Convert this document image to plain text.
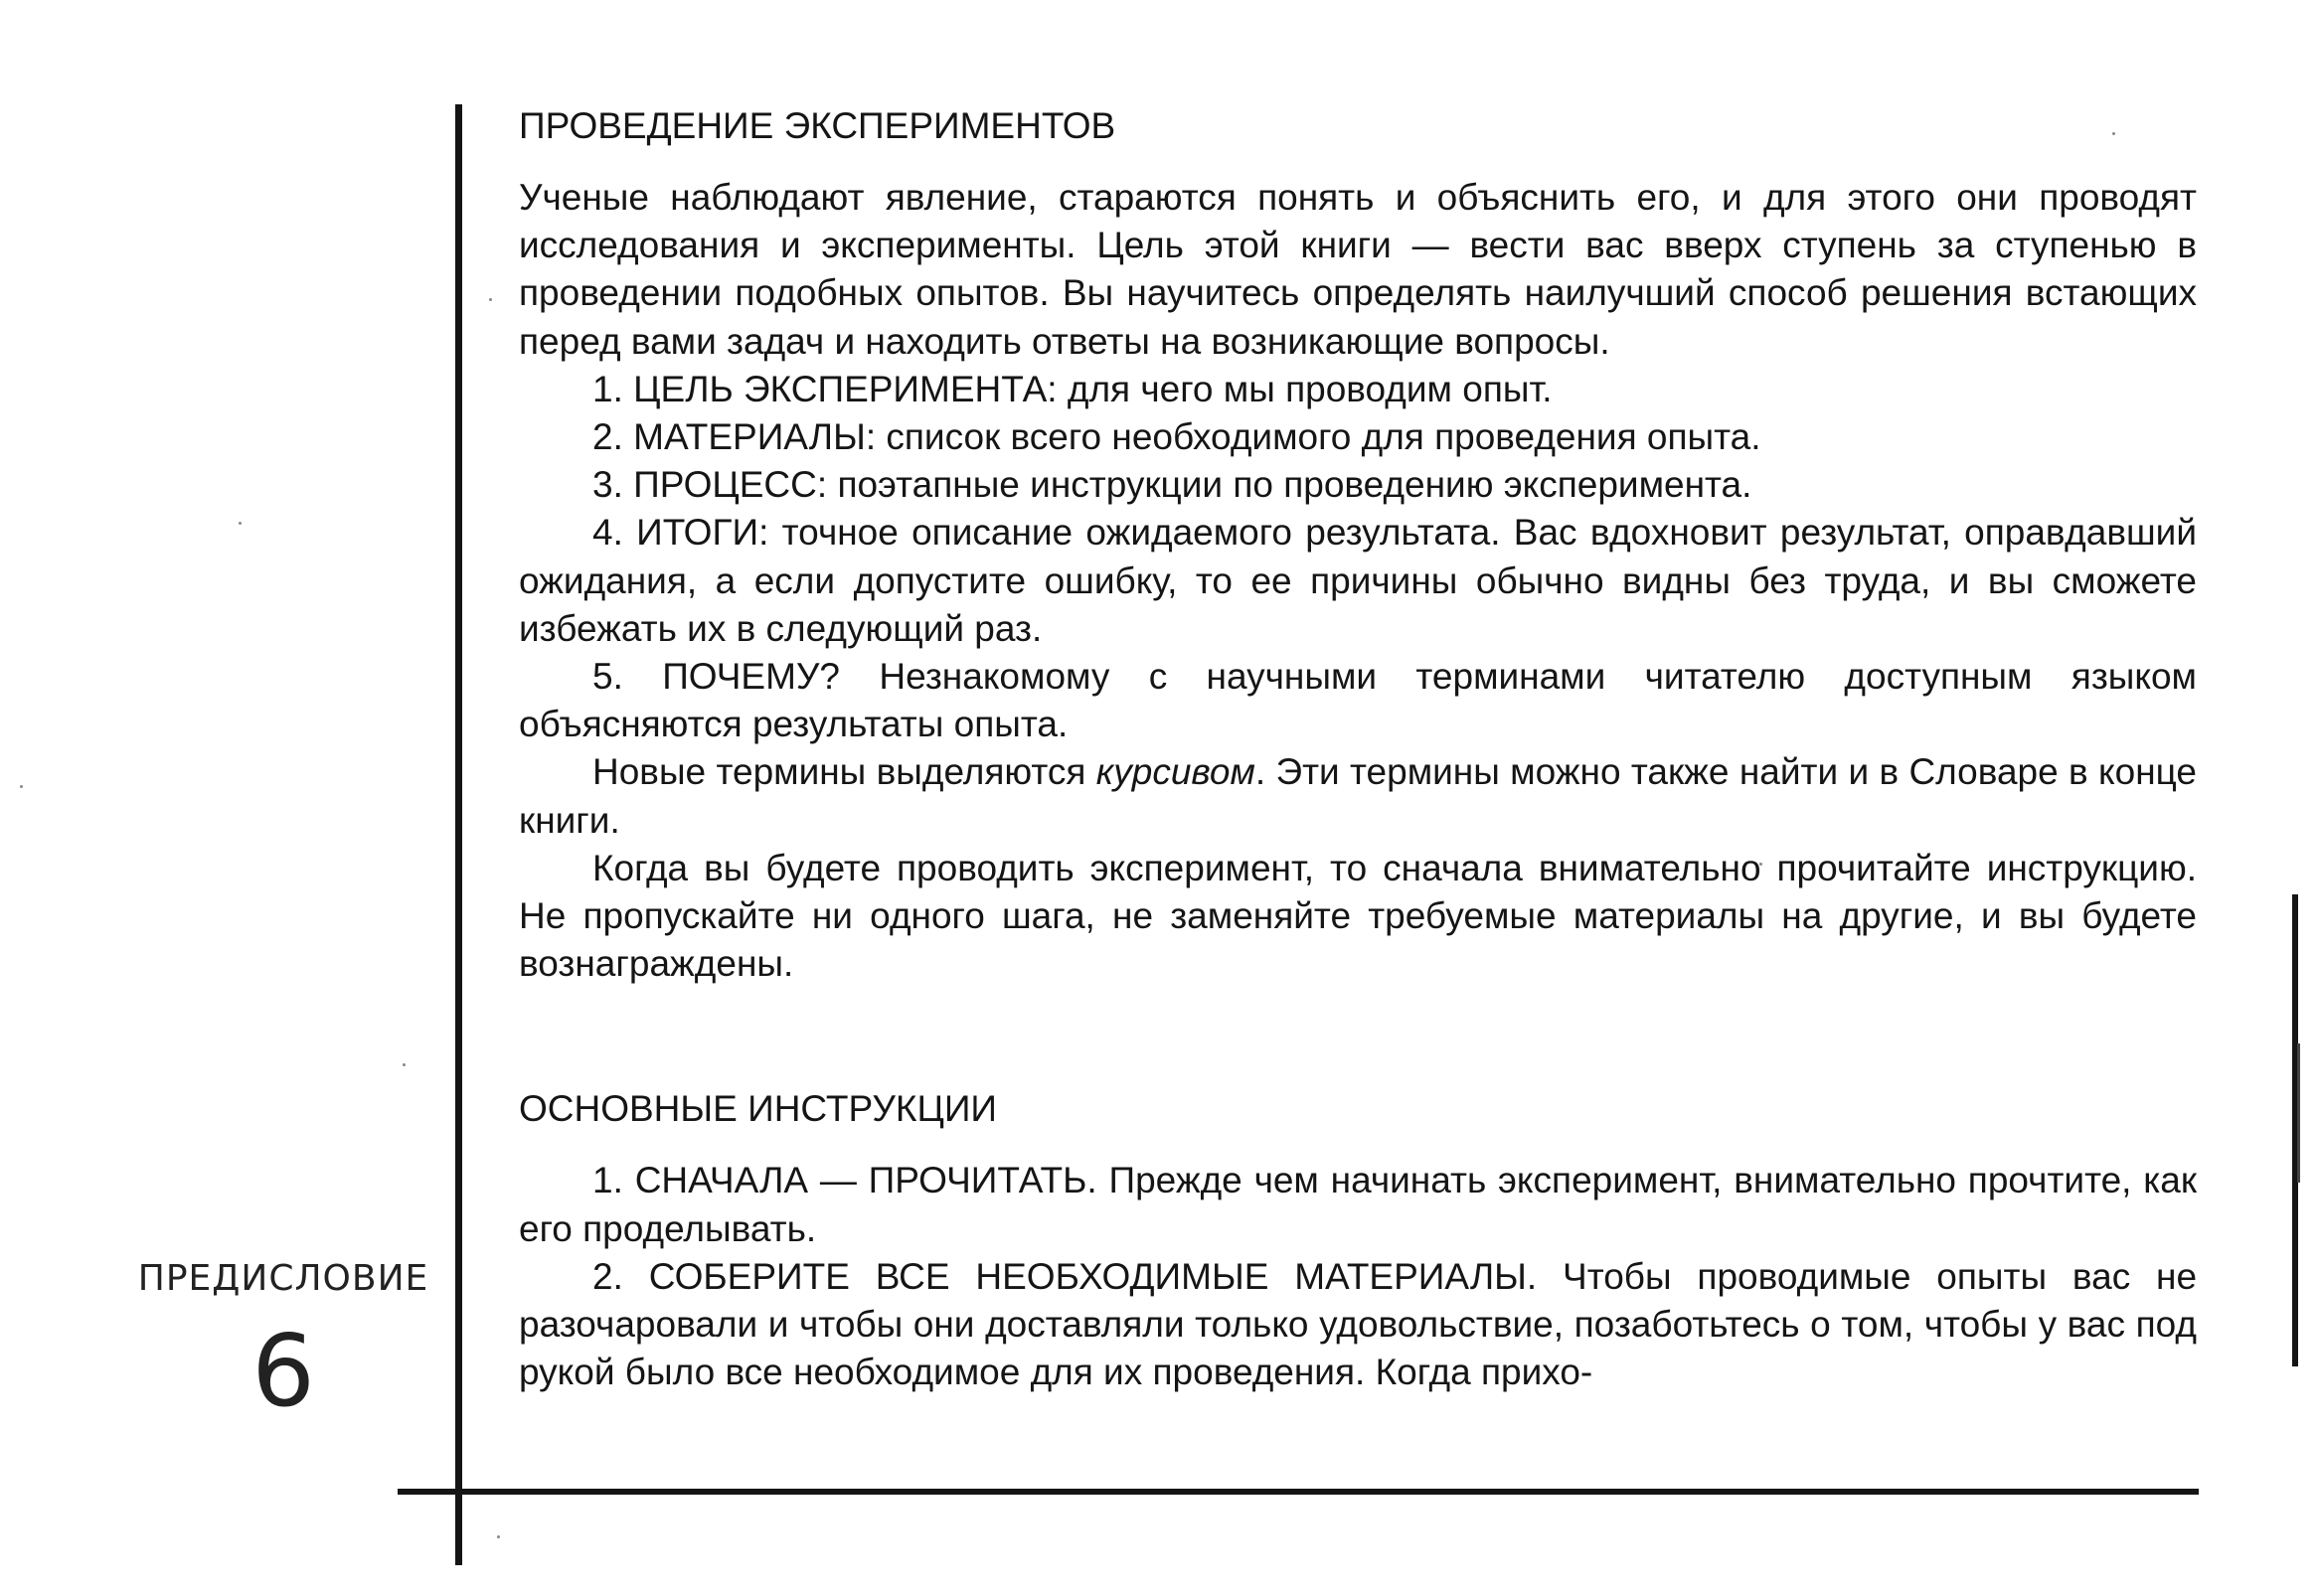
ПРЕДИСЛОВИЕ
6
ПРОВЕДЕНИЕ ЭКСПЕРИМЕНТОВ

Ученые наблюдают явление, стараются понять и объяснить его, и для этого они проводят исследования и эксперименты. Цель этой книги — вести вас вверх ступень за ступенью в проведении подобных опытов. Вы научитесь определять наилучший способ решения встающих перед вами задач и находить ответы на возникающие вопросы.

1. ЦЕЛЬ ЭКСПЕРИМЕНТА: для чего мы проводим опыт.

2. МАТЕРИАЛЫ: список всего необходимого для проведения опыта.

3. ПРОЦЕСС: поэтапные инструкции по проведению эксперимента.

4. ИТОГИ: точное описание ожидаемого результата. Вас вдохновит результат, оправдавший ожидания, а если допустите ошибку, то ее причины обычно видны без труда, и вы сможете избежать их в следующий раз.

5. ПОЧЕМУ? Незнакомому с научными терминами читателю доступным языком объясняются результаты опыта.

Новые термины выделяются курсивом. Эти термины можно также найти и в Словаре в конце книги.

Когда вы будете проводить эксперимент, то сначала внимательно прочитайте инструкцию. Не пропускайте ни одного шага, не заменяйте требуемые материалы на другие, и вы будете вознаграждены.

ОСНОВНЫЕ ИНСТРУКЦИИ

1. СНАЧАЛА — ПРОЧИТАТЬ. Прежде чем начинать эксперимент, внимательно прочтите, как его проделывать.

2. СОБЕРИТЕ ВСЕ НЕОБХОДИМЫЕ МАТЕРИАЛЫ. Чтобы проводимые опыты вас не разочаровали и чтобы они доставляли только удовольствие, позаботьтесь о том, чтобы у вас под рукой было все необходимое для их проведения. Когда прихо-
